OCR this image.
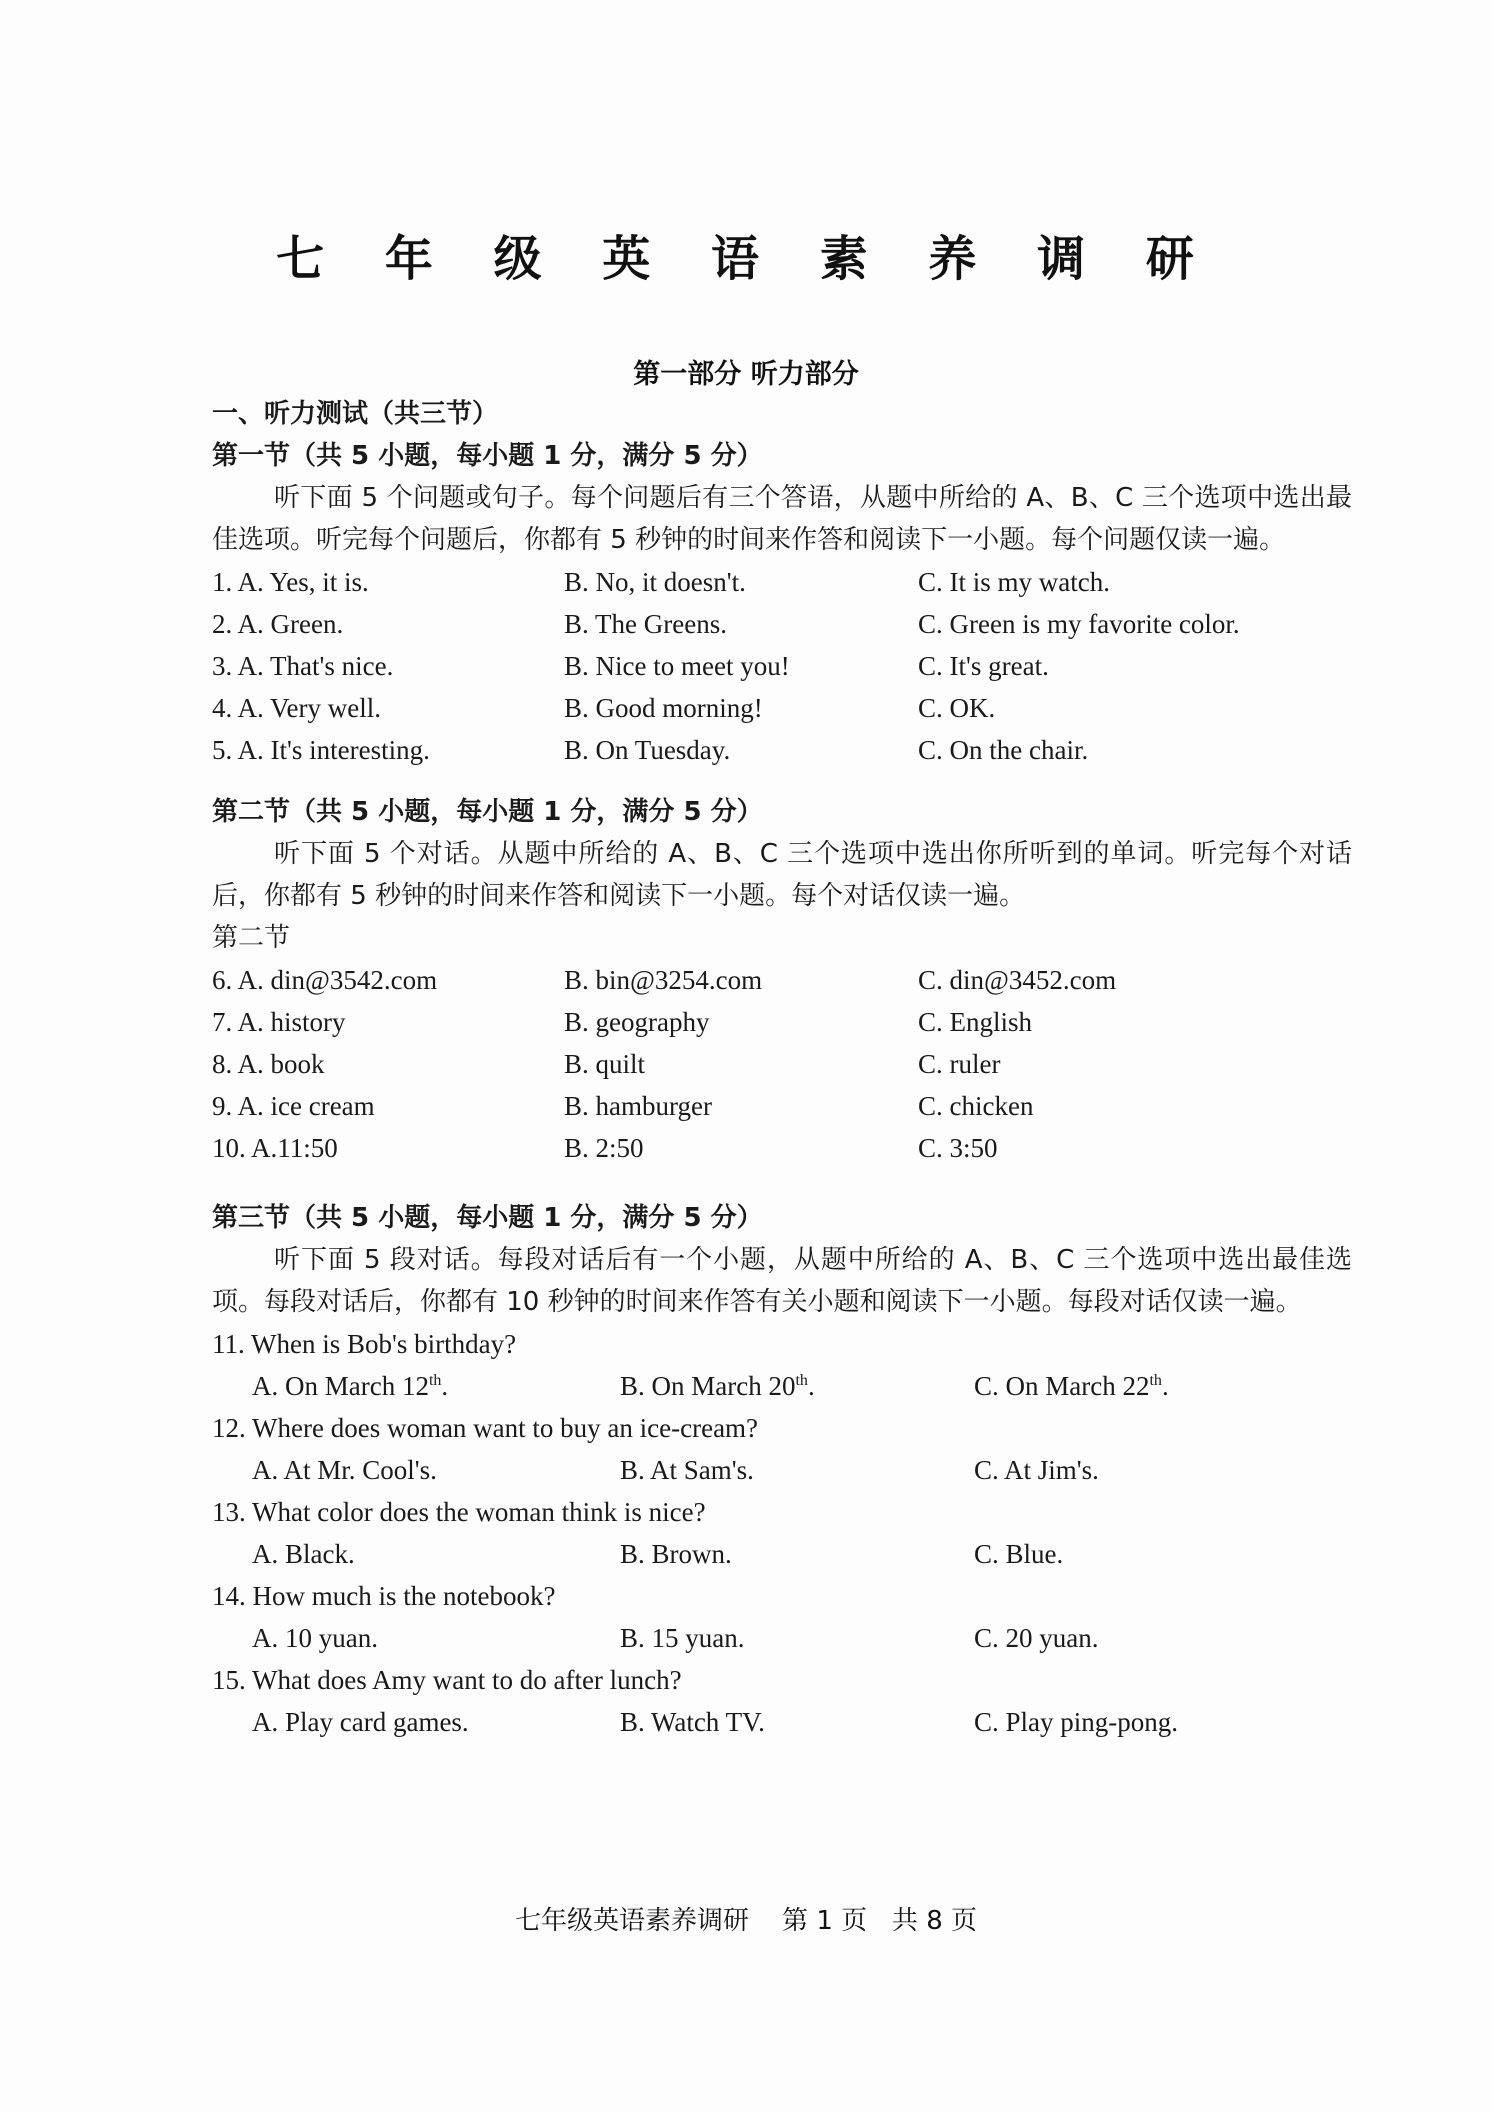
七 年 级 英 语 素 养 调 研
第一部分 听力部分
一、听力测试（共三节）
第一节（共 5 小题，每小题 1 分，满分 5 分）
听下面 5 个问题或句子。每个问题后有三个答语，从题中所给的 A、B、C 三个选项中选出最佳选项。听完每个问题后，你都有 5 秒钟的时间来作答和阅读下一小题。每个问题仅读一遍。
1. A. Yes, it is.	B. No, it doesn't.	C. It is my watch.
2. A. Green.	B. The Greens.	C. Green is my favorite color.
3. A. That's nice.	B. Nice to meet you!	C. It's great.
4. A. Very well.	B. Good morning!	C. OK.
5. A. It's interesting.	B. On Tuesday.	C. On the chair.
第二节（共 5 小题，每小题 1 分，满分 5 分）
听下面 5 个对话。从题中所给的 A、B、C 三个选项中选出你所听到的单词。听完每个对话后，你都有 5 秒钟的时间来作答和阅读下一小题。每个对话仅读一遍。
第二节
6. A. din@3542.com	B. bin@3254.com	C. din@3452.com
7. A. history	B. geography	C. English
8. A. book	B. quilt	C. ruler
9. A. ice cream	B. hamburger	C. chicken
10. A.11:50	B. 2:50	C. 3:50
第三节（共 5 小题，每小题 1 分，满分 5 分）
听下面 5 段对话。每段对话后有一个小题，从题中所给的 A、B、C 三个选项中选出最佳选项。每段对话后，你都有 10 秒钟的时间来作答有关小题和阅读下一小题。每段对话仅读一遍。
11. When is Bob's birthday?
A. On March 12th.	B. On March 20th.	C. On March 22th.
12. Where does woman want to buy an ice-cream?
A. At Mr. Cool's.	B. At Sam's.	C. At Jim's.
13. What color does the woman think is nice?
A. Black.	B. Brown.	C. Blue.
14. How much is the notebook?
A. 10 yuan.	B. 15 yuan.	C. 20 yuan.
15. What does Amy want to do after lunch?
A. Play card games.	B. Watch TV.	C. Play ping-pong.
七年级英语素养调研    第 1 页   共 8 页
